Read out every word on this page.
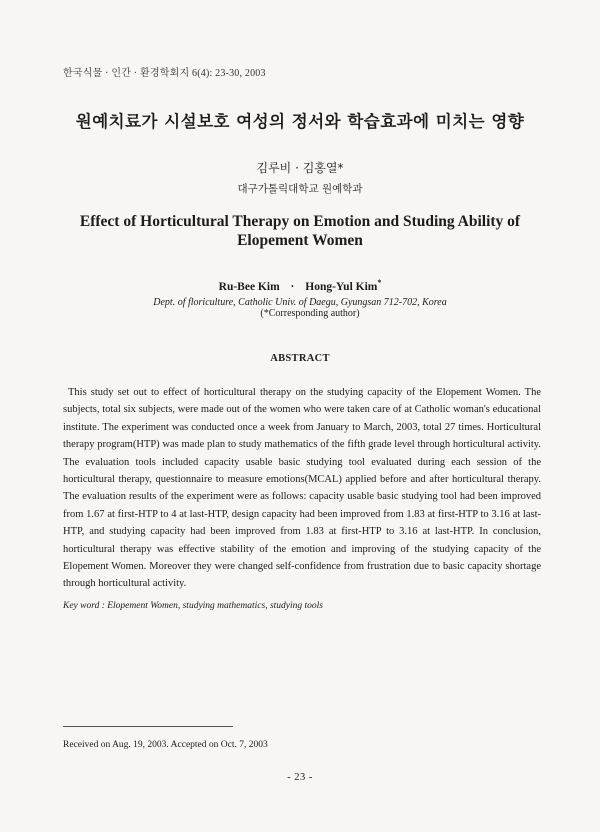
한국식물 · 인간 · 환경학회지 6(4): 23-30, 2003
원예치료가 시설보호 여성의 정서와 학습효과에 미치는 영향
김루비 · 김홍열*
대구가톨릭대학교 원예학과
Effect of Horticultural Therapy on Emotion and Studing Ability of Elopement Women
Ru-Bee Kim · Hong-Yul Kim*
Dept. of floriculture, Catholic Univ. of Daegu, Gyungsan 712-702, Korea
(*Corresponding author)
ABSTRACT
This study set out to effect of horticultural therapy on the studying capacity of the Elopement Women. The subjects, total six subjects, were made out of the women who were taken care of at Catholic woman's educational institute. The experiment was conducted once a week from January to March, 2003, total 27 times. Horticultural therapy program(HTP) was made plan to study mathematics of the fifth grade level through horticultural activity. The evaluation tools included capacity usable basic studying tool evaluated during each session of the horticultural therapy, questionnaire to measure emotions(MCAL) applied before and after horticultural therapy. The evaluation results of the experiment were as follows: capacity usable basic studying tool had been improved from 1.67 at first-HTP to 4 at last-HTP, design capacity had been improved from 1.83 at first-HTP to 3.16 at last-HTP, and studying capacity had been improved from 1.83 at first-HTP to 3.16 at last-HTP. In conclusion, horticultural therapy was effective stability of the emotion and improving of the studying capacity of the Elopement Women. Moreover they were changed self-confidence from frustration due to basic capacity shortage through horticultural activity.
Key word : Elopement Women, studying mathematics, studying tools
Received on Aug. 19, 2003. Accepted on Oct. 7, 2003
- 23 -
